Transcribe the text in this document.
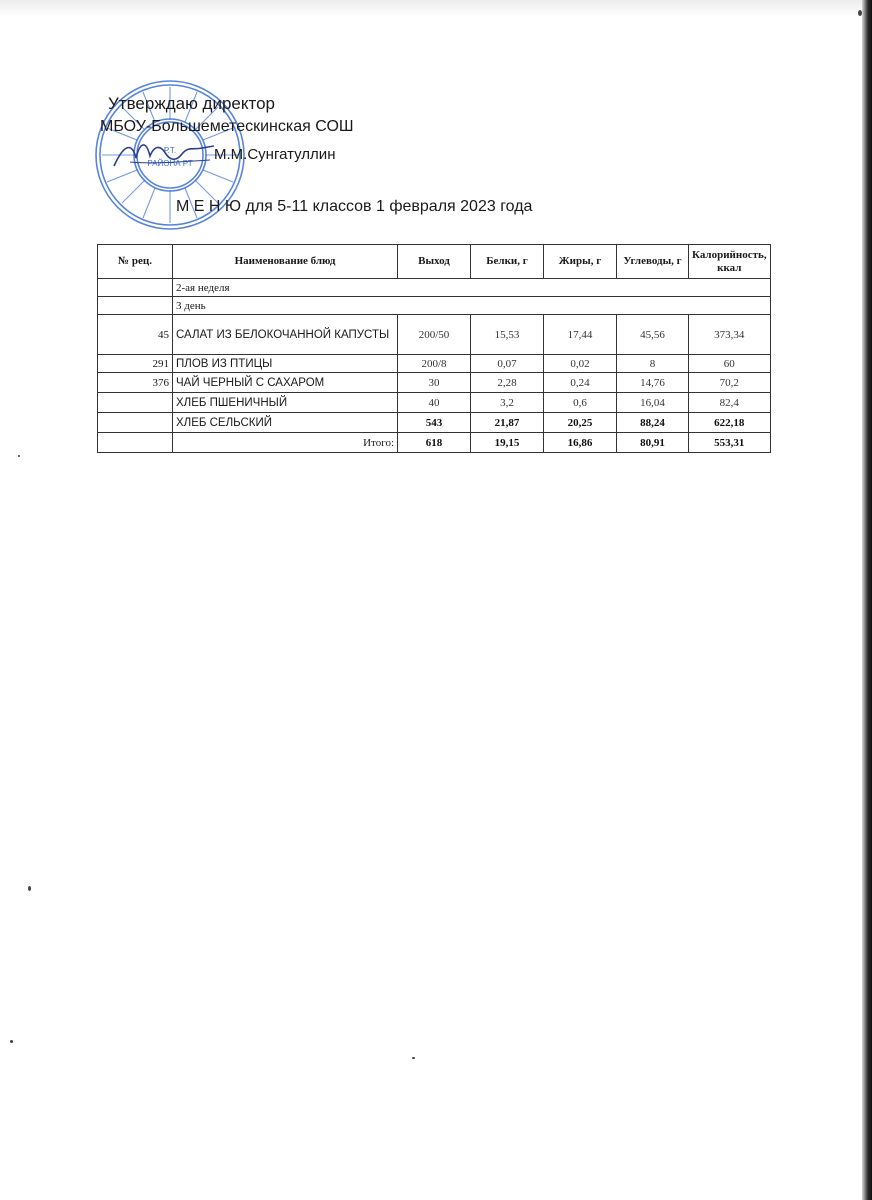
Р.Т.
РАЙОНА РТ
Утверждаю директор
МБОУ-Большеметескинская СОШ
М.М.Сунгатуллин
М Е Н Ю для 5-11 классов 1 февраля 2023 года
№ рец.	Наименование блюд	Выход	Белки, г	Жиры, г	Углеводы, г	Калорийность, ккал
	2-ая неделя					
	3 день					
45	САЛАТ ИЗ БЕЛОКОЧАННОЙ КАПУСТЫ	200/50	15,53	17,44	45,56	373,34
291	ПЛОВ ИЗ ПТИЦЫ	200/8	0,07	0,02	8	60
376	ЧАЙ ЧЕРНЫЙ С САХАРОМ	30	2,28	0,24	14,76	70,2
	ХЛЕБ ПШЕНИЧНЫЙ	40	3,2	0,6	16,04	82,4
	ХЛЕБ СЕЛЬСКИЙ	543	21,87	20,25	88,24	622,18
	Итого:	618	19,15	16,86	80,91	553,31
